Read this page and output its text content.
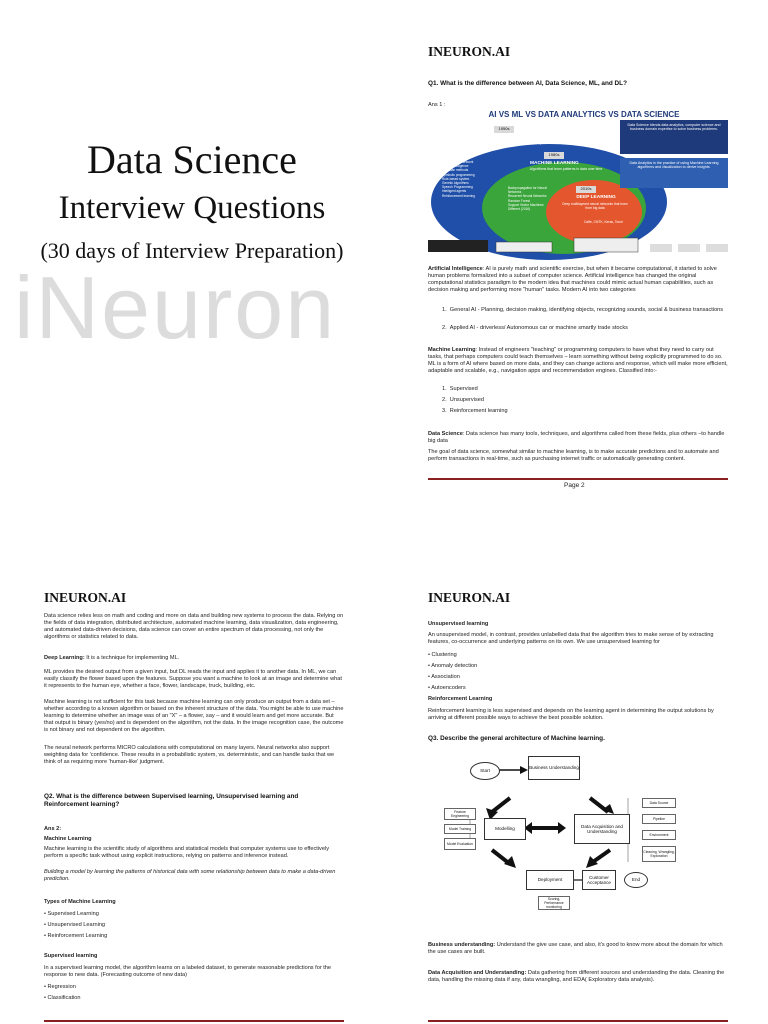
Data Science
Interview Questions
(30 days of Interview Preparation)
iNeuron
INEURON.AI
Q1. What is the difference between AI, Data Science, ML, and DL?
Ans 1 :
AI VS ML VS DATA ANALYTICS VS DATA SCIENCE
1950s
ARTIFICIAL INTELLIGENCE
Programs that can sense, reason, act and adapt
1980s
MACHINE LEARNING
Algorithms that learn patterns in data over time
2010s
DEEP LEARNING
Deep multilayered neural networks that learn from big data
Caffe, CNTK, Keras, Torch
Data Science blends data analytics, computer science and business domain expertise to solve business problems.
Data Analytics is the practice of using Machine Learning algorithms and visualization to derive insights.
Fuzzy Neural Network
Neural Intelligence
Bayesian methods
Symbolic programming
Rule-based system
Genetic Algorithms
Speech Programming
Intelligent agents
Reinforcement learning
Backpropagation for Neural Networks
Recurrent Neural Networks
Random Forest
Support Vector Machines
Different (2016)
Artificial Intelligence: AI is purely math and scientific exercise, but when it became computational, it started to solve human problems formalized into a subset of computer science. Artificial intelligence has changed the original computational statistics paradigm to the modern idea that machines could mimic actual human capabilities, such as decision making and performing more "human" tasks. Modern AI into two categories
1.  General AI - Planning, decision making, identifying objects, recognizing sounds, social & business transactions
2.  Applied AI - driverless/ Autonomous car or machine smartly trade stocks
Machine Learning: Instead of engineers "teaching" or programming computers to have what they need to carry out tasks, that perhaps computers could teach themselves – learn something without being explicitly programmed to do so. ML is a form of AI where based on more data, and they can change actions and response, which will make more efficient, adaptable and scalable, e.g., navigation apps and recommendation engines. Classified into:-
1.  Supervised
2.  Unsupervised
3.  Reinforcement learning
Data Science: Data science has many tools, techniques, and algorithms called from these fields, plus others –to handle big data
The goal of data science, somewhat similar to machine learning, is to make accurate predictions and to automate and perform transactions in real-time, such as purchasing internet traffic or automatically generating content.
Page 2
INEURON.AI
Data science relies less on math and coding and more on data and building new systems to process the data. Relying on the fields of data integration, distributed architecture, automated machine learning, data visualization, data engineering, and automated data-driven decisions, data science can cover an entire spectrum of data processing, not only the algorithms or statistics related to data.
Deep Learning: It is a technique for implementing ML.
ML provides the desired output from a given input, but DL reads the input and applies it to another data. In ML, we can easily classify the flower based upon the features. Suppose you want a machine to look at an image and determine what it represents to the human eye, whether a face, flower, landscape, truck, building, etc.
Machine learning is not sufficient for this task because machine learning can only produce an output from a data set – whether according to a known algorithm or based on the inherent structure of the data. You might be able to use machine learning to determine whether an image was of an "X" – a flower, say – and it would learn and get more accurate. But that output is binary (yes/no) and is dependent on the algorithm, not the data. In the image recognition case, the outcome is not binary and not dependent on the algorithm.
The neural network performs MICRO calculations with computational on many layers. Neural networks also support weighting data for 'confidence. These results in a probabilistic system, vs. deterministic, and can handle tasks that we think of as requiring more 'human-like' judgment.
Q2. What is the difference between Supervised learning, Unsupervised learning and Reinforcement learning?
Ans 2:
Machine Learning
Machine learning is the scientific study of algorithms and statistical models that computer systems use to effectively perform a specific task without using explicit instructions, relying on patterns and inference instead.
Building a model by learning the patterns of historical data with some relationship between data to make a data-driven prediction.
Types of Machine Learning
• Supervised Learning
• Unsupervised Learning
• Reinforcement Learning
Supervised learning
In a supervised learning model, the algorithm learns on a labeled dataset, to generate reasonable predictions for the response to new data. (Forecasting outcome of new data)
• Regression
• Classification
INEURON.AI
Unsupervised learning
An unsupervised model, in contrast, provides unlabelled data that the algorithm tries to make sense of by extracting features, co-occurrence and underlying patterns on its own. We use unsupervised learning for
• Clustering
• Anomaly detection
• Association
• Autoencoders
Reinforcement Learning
Reinforcement learning is less supervised and depends on the learning agent in determining the output solutions by arriving at different possible ways to achieve the best possible solution.
Q3. Describe the general architecture of Machine learning.
Start
Business Understanding
Modelling
Data Acquisition and Understanding
Deployment
Customer Acceptance
End
Feature Engineering
Model Training
Model Evaluation
Data Source
Pipeline
Environment
Cleaning, Wrangling, Exploration
Scoring, Performance monitoring
Business understanding: Understand the give use case, and also, it's good to know more about the domain for which the use cases are built.
Data Acquisition and Understanding: Data gathering from different sources and understanding the data. Cleaning the data, handling the missing data if any, data wrangling, and EDA( Exploratory data analysis).
